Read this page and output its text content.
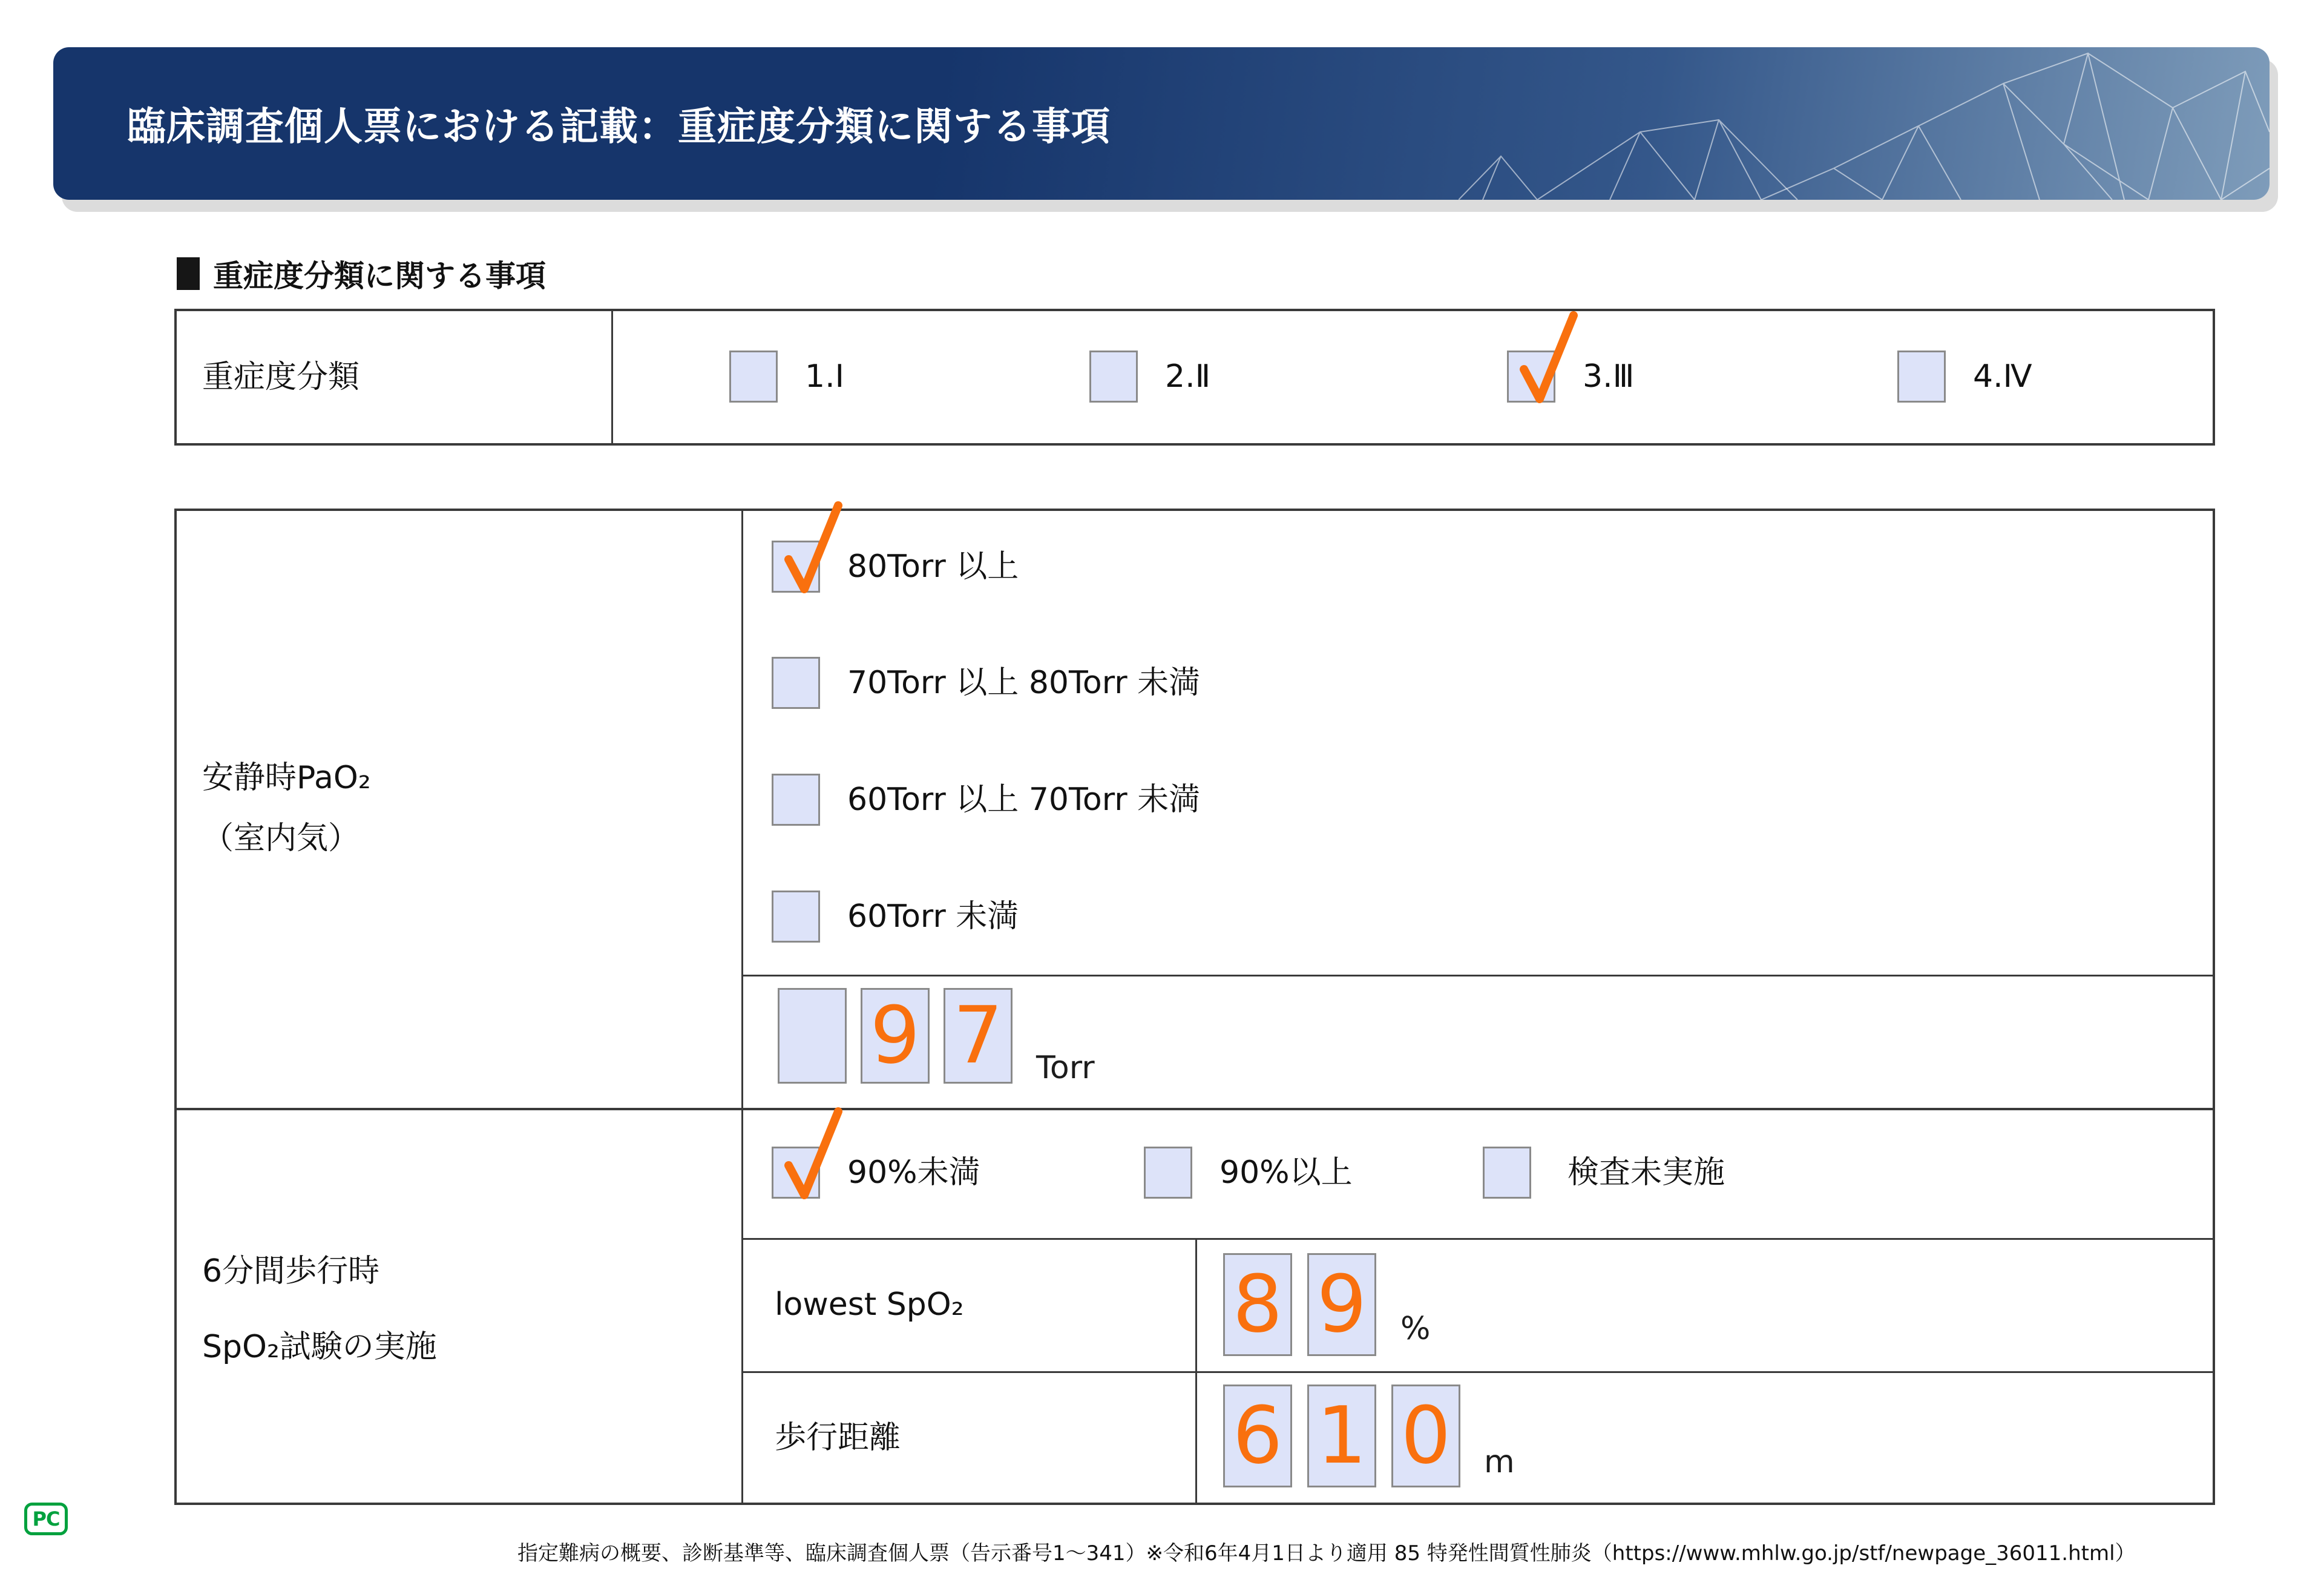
臨床調査個人票における記載：重症度分類に関する事項
重症度分類に関する事項
重症度分類	1.Ⅰ	2.Ⅱ	3.Ⅲ	4.Ⅳ
安静時PaO₂
（室内気）
80Torr 以上
70Torr 以上 80Torr 未満
60Torr 以上 70Torr 未満
60Torr 未満
9 7	Torr
6分間歩行時
SpO₂試験の実施
90%未満	90%以上	検査未実施
lowest SpO₂	8 9	%
歩行距離	6 1 0	m
PC
指定難病の概要、診断基準等、臨床調査個人票（告示番号1～341）※令和6年4月1日より適用 85 特発性間質性肺炎（https://www.mhlw.go.jp/stf/newpage_36011.html）
